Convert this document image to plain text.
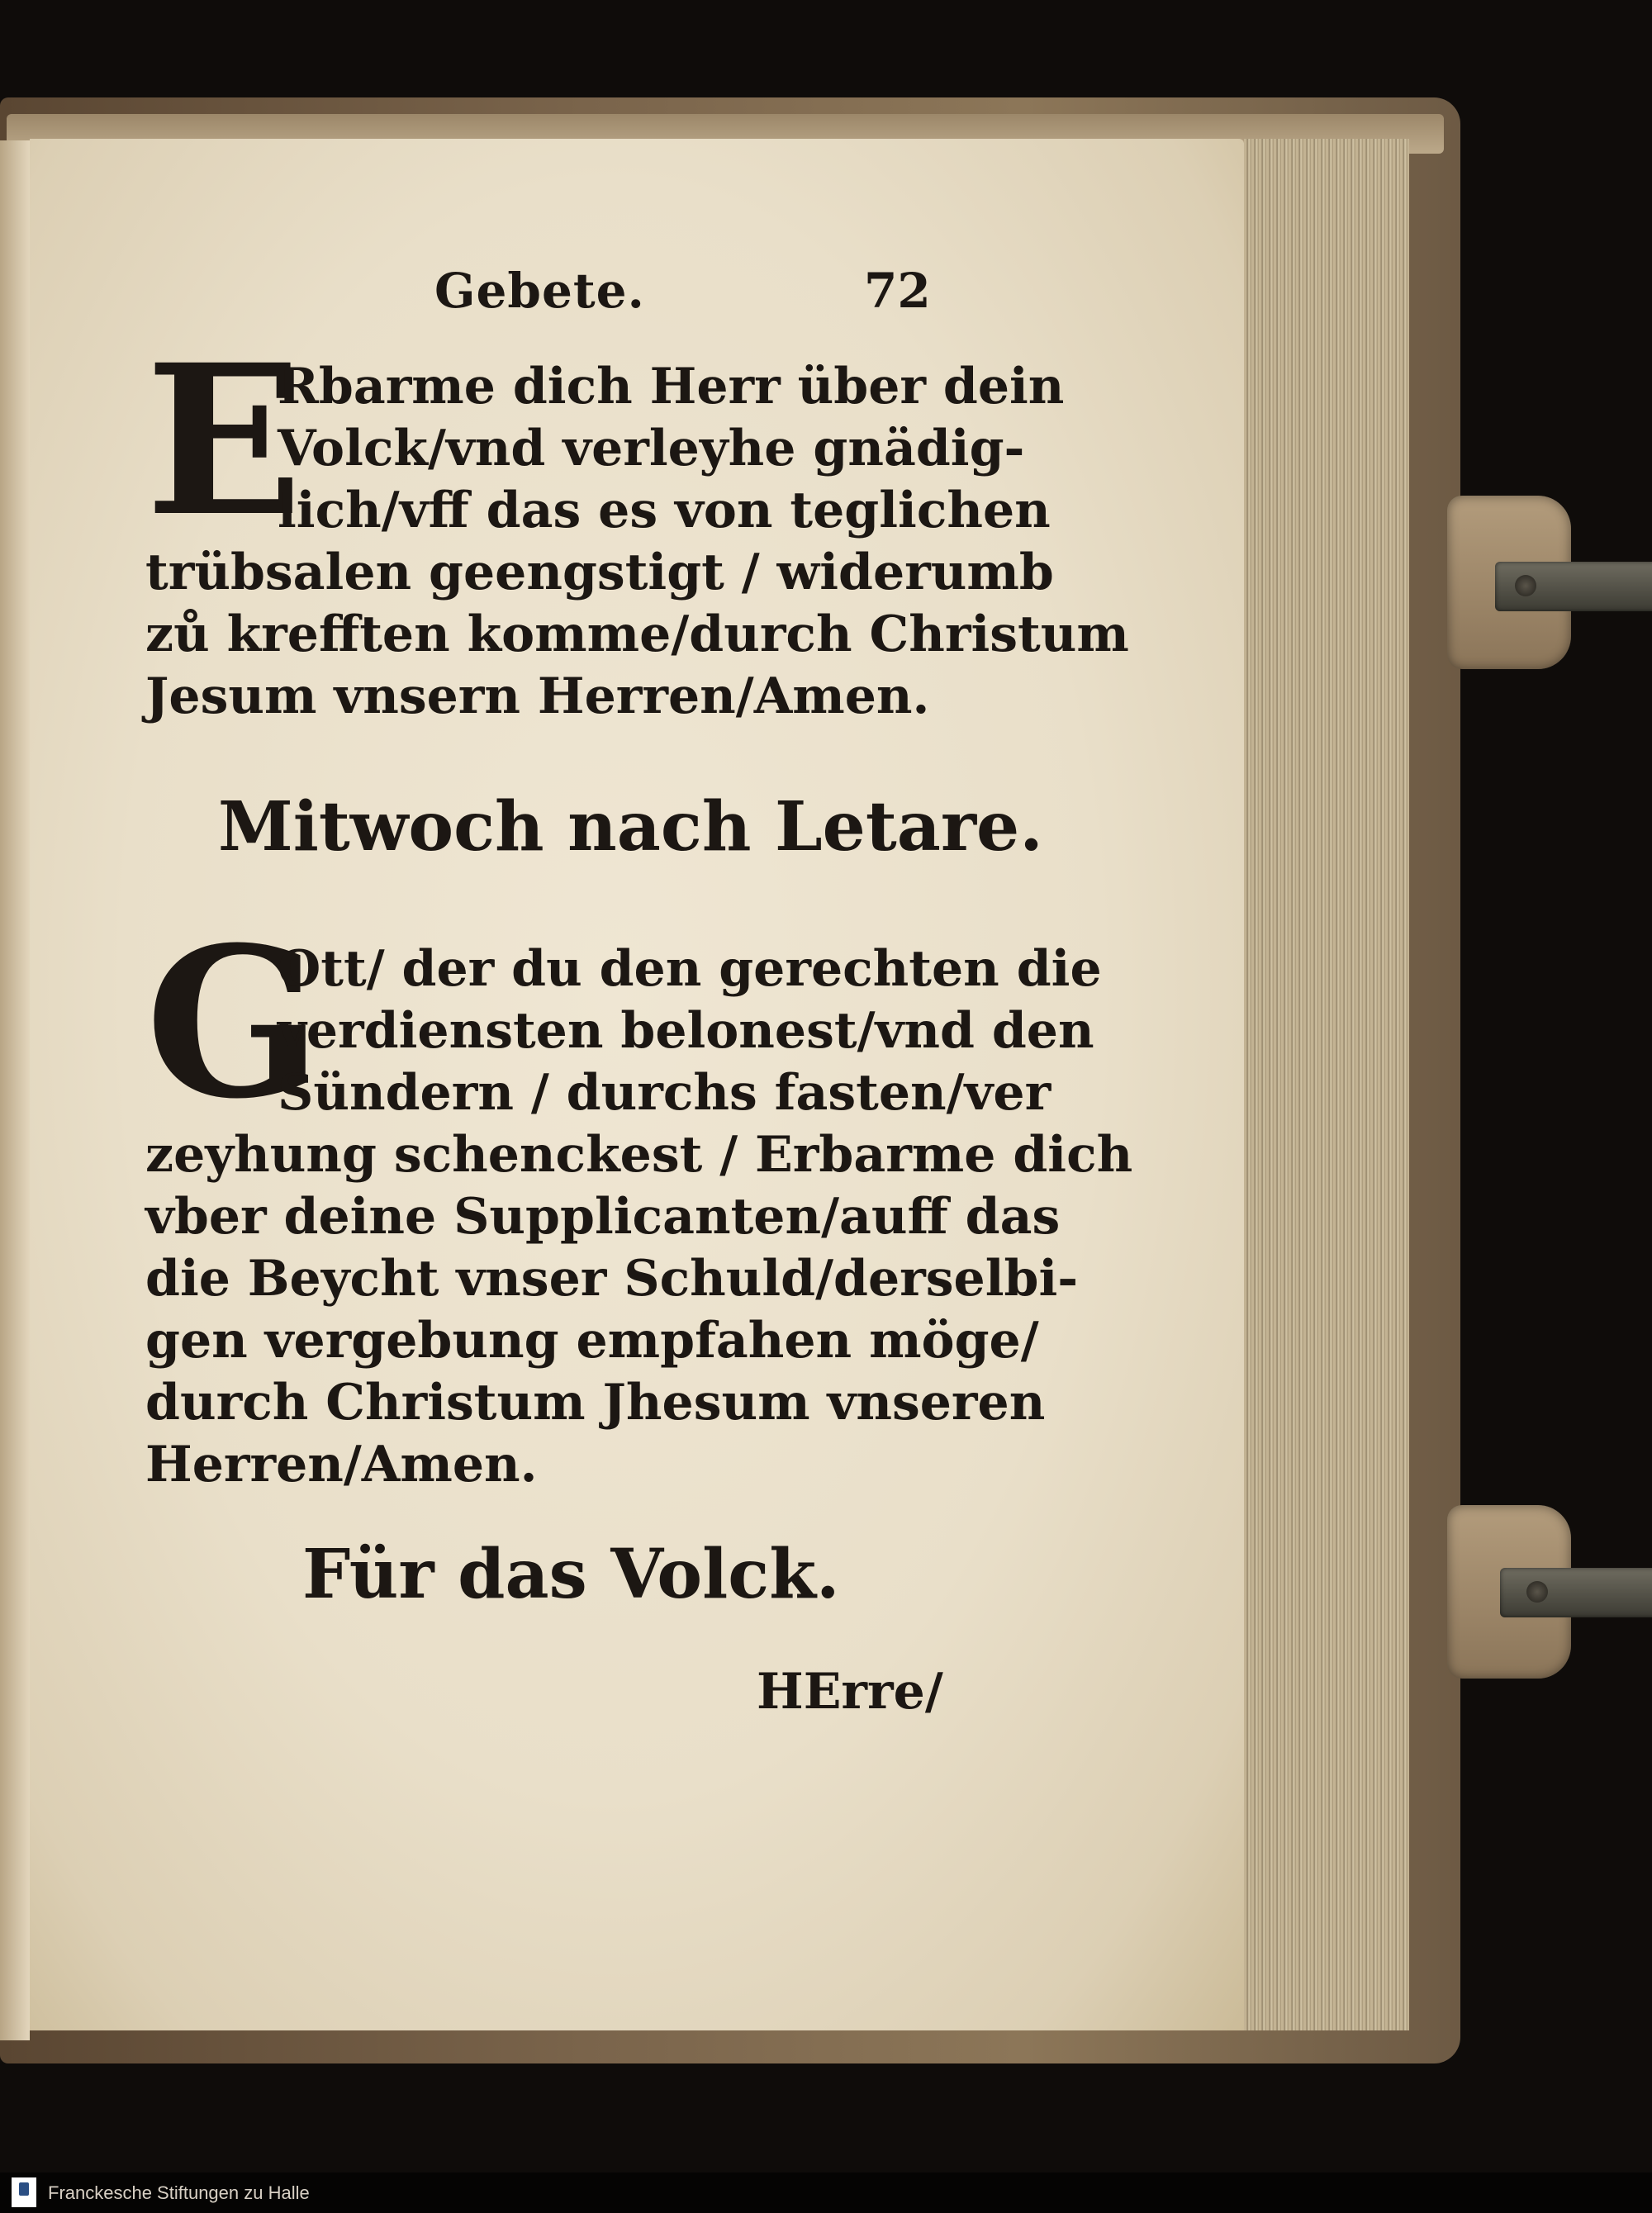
Gebete.	72
E
Rbarme dich Herr über dein
Volck/vnd verleyhe gnädig-
lich/vff das es von teglichen
trübsalen geengstigt / widerumb
zů krefften komme/durch Christum
Jesum vnsern Herren/Amen.
Mitwoch nach Letare.
G
Ott/ der du den gerechten die
verdiensten belonest/vnd den
Sündern / durchs fasten/ver
zeyhung schenckest / Erbarme dich
vber deine Supplicanten/auff das
die Beycht vnser Schuld/derselbi-
gen vergebung empfahen möge/
durch Christum Jhesum vnseren
Herren/Amen.
Für das Volck.
HErre/
Franckesche Stiftungen zu Halle
